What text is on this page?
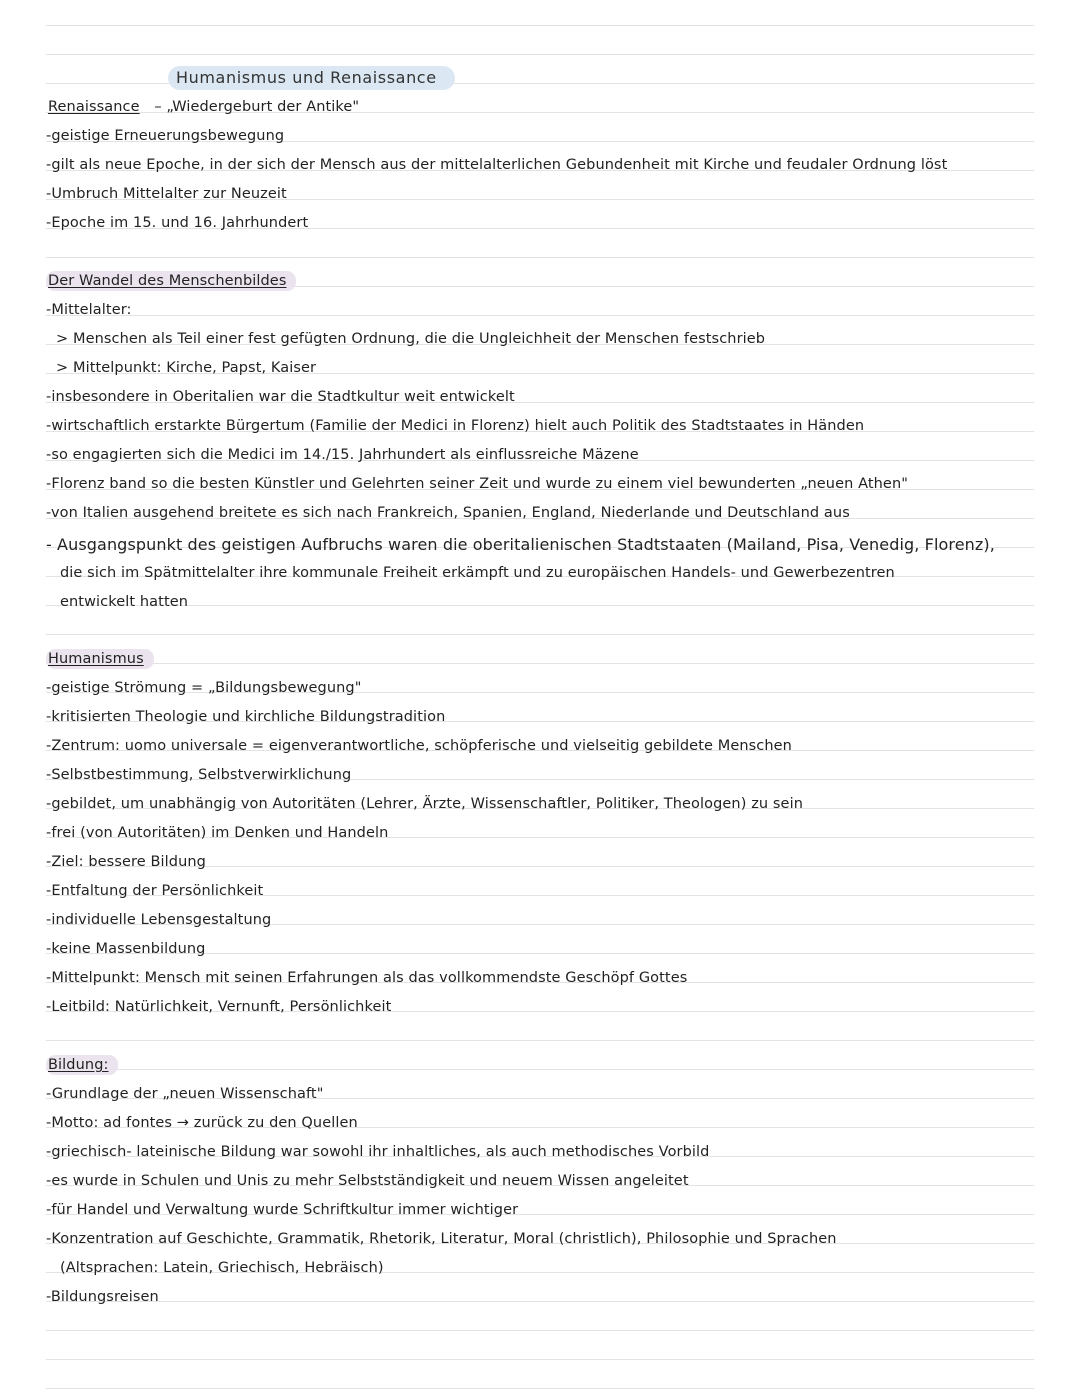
Humanismus und Renaissance
Renaissance – „Wiedergeburt der Antike"
-geistige Erneuerungsbewegung
-gilt als neue Epoche, in der sich der Mensch aus der mittelalterlichen Gebundenheit mit Kirche und feudaler Ordnung löst
-Umbruch Mittelalter zur Neuzeit
-Epoche im 15. und 16. Jahrhundert
Der Wandel des Menschenbildes
-Mittelalter:
> Menschen als Teil einer fest gefügten Ordnung, die die Ungleichheit der Menschen festschrieb
> Mittelpunkt: Kirche, Papst, Kaiser
-insbesondere in Oberitalien war die Stadtkultur weit entwickelt
-wirtschaftlich erstarkte Bürgertum (Familie der Medici in Florenz) hielt auch Politik des Stadtstaates in Händen
-so engagierten sich die Medici im 14./15. Jahrhundert als einflussreiche Mäzene
-Florenz band so die besten Künstler und Gelehrten seiner Zeit und wurde zu einem viel bewunderten „neuen Athen"
-von Italien ausgehend breitete es sich nach Frankreich, Spanien, England, Niederlande und Deutschland aus
- Ausgangspunkt des geistigen Aufbruchs waren die oberitalienischen Stadtstaaten (Mailand, Pisa, Venedig, Florenz),
die sich im Spätmittelalter ihre kommunale Freiheit erkämpft und zu europäischen Handels- und Gewerbezentren
entwickelt hatten
Humanismus
-geistige Strömung = „Bildungsbewegung"
-kritisierten Theologie und kirchliche Bildungstradition
-Zentrum: uomo universale = eigenverantwortliche, schöpferische und vielseitig gebildete Menschen
-Selbstbestimmung, Selbstverwirklichung
-gebildet, um unabhängig von Autoritäten (Lehrer, Ärzte, Wissenschaftler, Politiker, Theologen) zu sein
-frei (von Autoritäten) im Denken und Handeln
-Ziel: bessere Bildung
-Entfaltung der Persönlichkeit
-individuelle Lebensgestaltung
-keine Massenbildung
-Mittelpunkt: Mensch mit seinen Erfahrungen als das vollkommendste Geschöpf Gottes
-Leitbild: Natürlichkeit, Vernunft, Persönlichkeit
Bildung:
-Grundlage der „neuen Wissenschaft"
-Motto: ad fontes → zurück zu den Quellen
-griechisch- lateinische Bildung war sowohl ihr inhaltliches, als auch methodisches Vorbild
-es wurde in Schulen und Unis zu mehr Selbstständigkeit und neuem Wissen angeleitet
-für Handel und Verwaltung wurde Schriftkultur immer wichtiger
-Konzentration auf Geschichte, Grammatik, Rhetorik, Literatur, Moral (christlich), Philosophie und Sprachen
(Altsprachen: Latein, Griechisch, Hebräisch)
-Bildungsreisen
